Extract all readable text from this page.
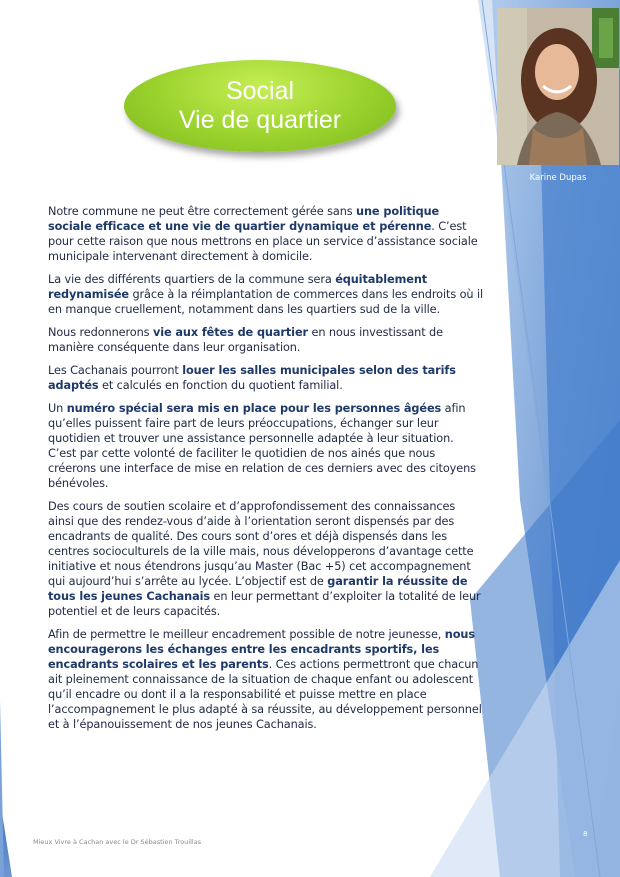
Social
Vie de quartier
Karine Dupas

Notre commune ne peut être correctement gérée sans une politique sociale efficace et une vie de quartier dynamique et pérenne. C’est pour cette raison que nous mettrons en place un service d’assistance sociale municipale intervenant directement à domicile.

La vie des différents quartiers de la commune sera équitablement redynamisée grâce à la réimplantation de commerces dans les endroits où il en manque cruellement, notamment dans les quartiers sud de la ville.

Nous redonnerons vie aux fêtes de quartier en nous investissant de manière conséquente dans leur organisation.

Les Cachanais pourront louer les salles municipales selon des tarifs adaptés et calculés en fonction du quotient familial.

Un numéro spécial sera mis en place pour les personnes âgées afin qu’elles puissent faire part de leurs préoccupations, échanger sur leur quotidien et trouver une assistance personnelle adaptée à leur situation. C’est par cette volonté de faciliter le quotidien de nos ainés que nous créerons une interface de mise en relation de ces derniers avec des citoyens bénévoles.

Des cours de soutien scolaire et d’approfondissement des connaissances ainsi que des rendez-vous d’aide à l’orientation seront dispensés par des encadrants de qualité. Des cours sont d’ores et déjà dispensés dans les centres socioculturels de la ville mais, nous développerons d’avantage cette initiative et nous étendrons jusqu’au Master (Bac +5) cet accompagnement qui aujourd’hui s’arrête au lycée. L’objectif est de garantir la réussite de tous les jeunes Cachanais en leur permettant d’exploiter la totalité de leur potentiel et de leurs capacités.

Afin de permettre le meilleur encadrement possible de notre jeunesse, nous encouragerons les échanges entre les encadrants sportifs, les encadrants scolaires et les parents. Ces actions permettront que chacun ait pleinement connaissance de la situation de chaque enfant ou adolescent qu’il encadre ou dont il a la responsabilité et puisse mettre en place l’accompagnement le plus adapté à sa réussite, au développement personnel et à l’épanouissement de nos jeunes Cachanais.

Mieux Vivre à Cachan avec le Dr Sébastien Trouillas
8
